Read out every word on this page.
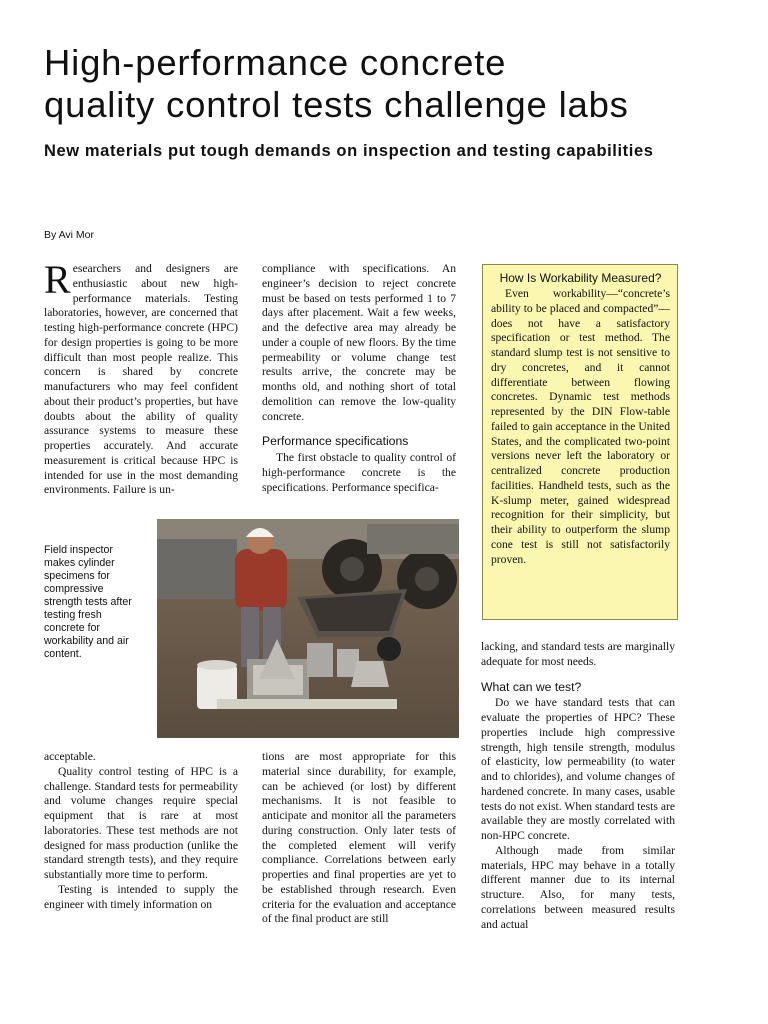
High-performance concrete
quality control tests challenge labs
New materials put tough demands on inspection and testing capabilities
By Avi Mor

Researchers and designers are enthusiastic about new high-performance materials. Testing laboratories, however, are concerned that testing high-performance concrete (HPC) for design properties is going to be more difficult than most people realize. This concern is shared by concrete manufacturers who may feel confident about their product’s properties, but have doubts about the ability of quality assurance systems to measure these properties accurately. And accurate measurement is critical because HPC is intended for use in the most demanding environments. Failure is un-

compliance with specifications. An engineer’s decision to reject concrete must be based on tests performed 1 to 7 days after placement. Wait a few weeks, and the defective area may already be under a couple of new floors. By the time permeability or volume change test results arrive, the concrete may be months old, and nothing short of total demolition can remove the low-quality concrete.

Performance specifications

The first obstacle to quality control of high-performance concrete is the specifications. Performance specifica-

How Is Workability Measured?

Even workability—“concrete’s ability to be placed and compacted”— does not have a satisfactory specification or test method. The standard slump test is not sensitive to dry concretes, and it cannot differentiate between flowing concretes. Dynamic test methods represented by the DIN Flow-table failed to gain acceptance in the United States, and the complicated two-point versions never left the laboratory or centralized concrete production facilities. Handheld tests, such as the K-slump meter, gained widespread recognition for their simplicity, but their ability to outperform the slump cone test is still not satisfactorily proven.

Field inspector makes cylinder specimens for compressive strength tests after testing fresh concrete for workability and air content.

acceptable.

Quality control testing of HPC is a challenge. Standard tests for permeability and volume changes require special equipment that is rare at most laboratories. These test methods are not designed for mass production (unlike the standard strength tests), and they require substantially more time to perform.

Testing is intended to supply the engineer with timely information on

tions are most appropriate for this material since durability, for example, can be achieved (or lost) by different mechanisms. It is not feasible to anticipate and monitor all the parameters during construction. Only later tests of the completed element will verify compliance. Correlations between early properties and final properties are yet to be established through research. Even criteria for the evaluation and acceptance of the final product are still

lacking, and standard tests are marginally adequate for most needs.

What can we test?

Do we have standard tests that can evaluate the properties of HPC? These properties include high compressive strength, high tensile strength, modulus of elasticity, low permeability (to water and to chlorides), and volume changes of hardened concrete. In many cases, usable tests do not exist. When standard tests are available they are mostly correlated with non-HPC concrete.

Although made from similar materials, HPC may behave in a totally different manner due to its internal structure. Also, for many tests, correlations between measured results and actual
